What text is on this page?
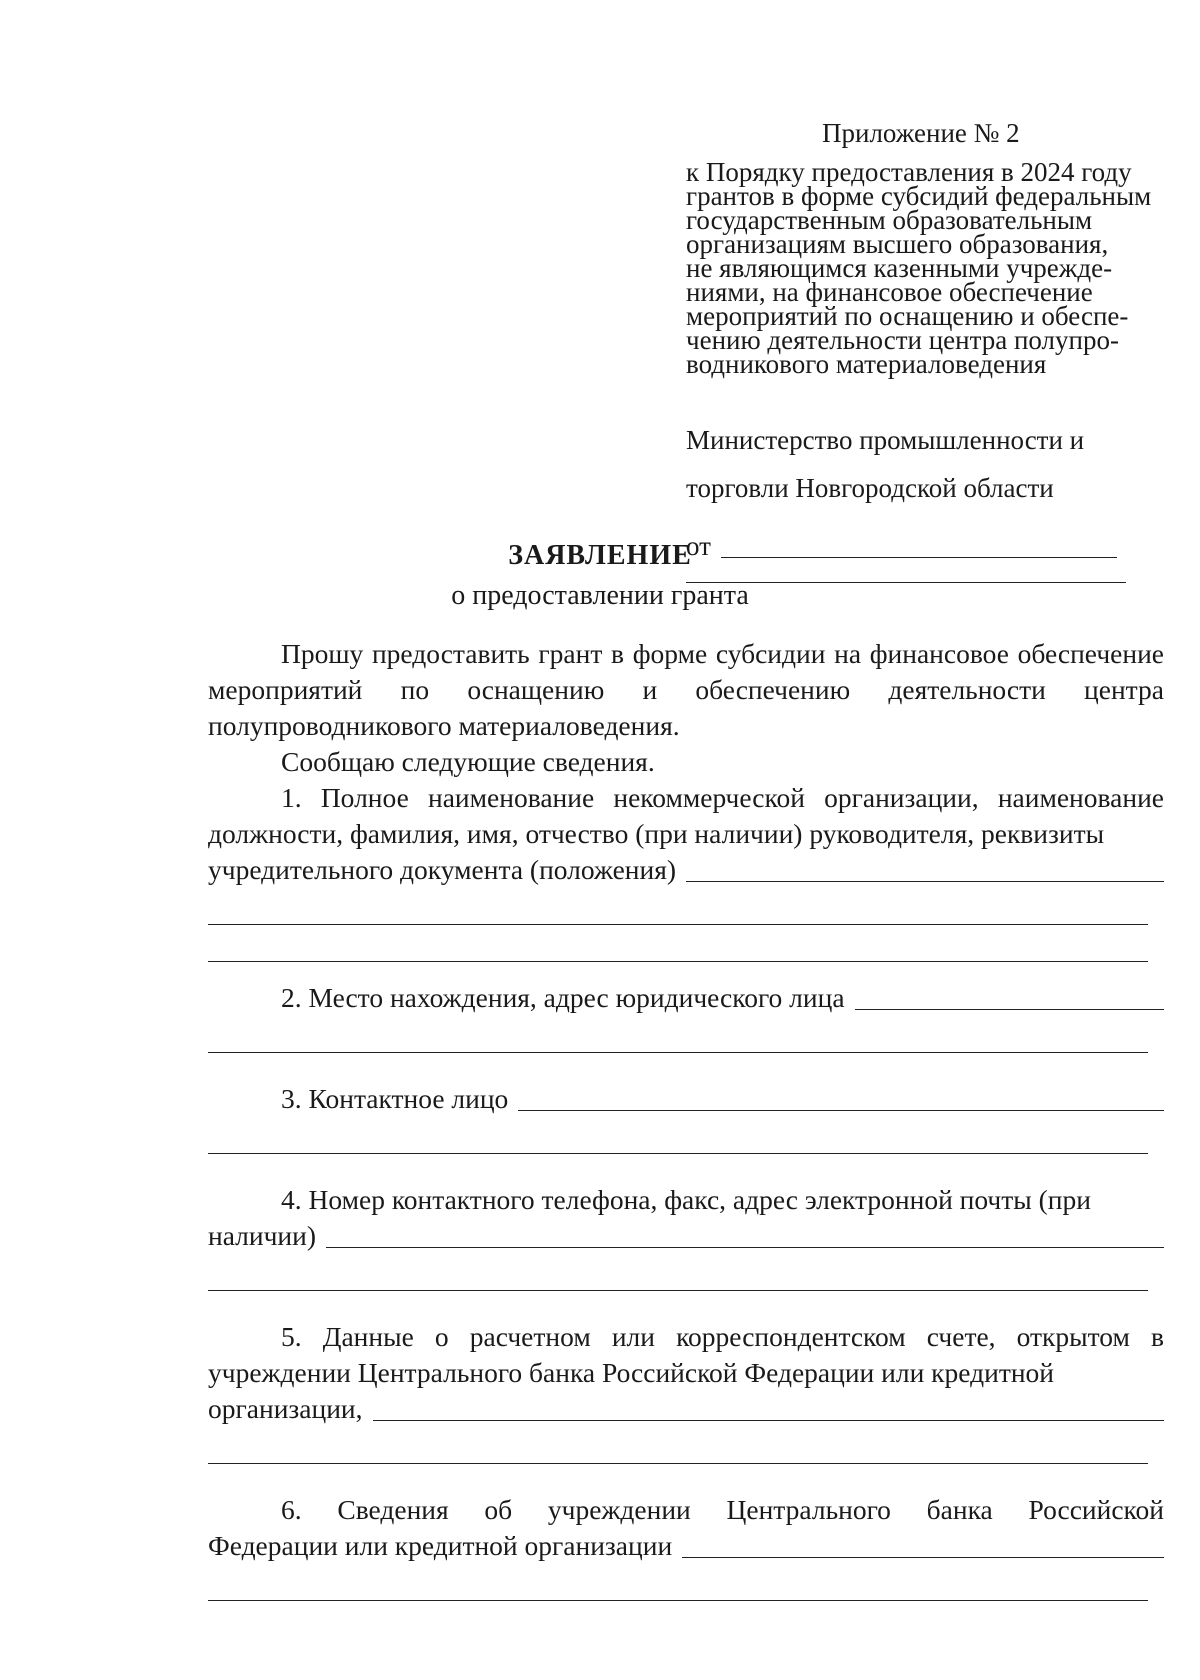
Приложение № 2
к Порядку предоставления в 2024 году
грантов в форме субсидий федеральным
государственным образовательным
организациям высшего образования,
не являющимся казенными учрежде-
ниями, на финансовое обеспечение
мероприятий по оснащению и обеспе-
чению деятельности центра полупро-
водникового материаловедения

Министерство промышленности и

торговли Новгородской области

от
ЗАЯВЛЕНИЕ
о предоставлении гранта

Прошу предоставить грант в форме субсидии на финансовое обеспечение мероприятий по оснащению и обеспечению деятельности центра полупроводникового материаловедения.

Сообщаю следующие сведения.

1. Полное наименование некоммерческой организации, наименование должности, фамилия, имя, отчество (при наличии) руководителя, реквизиты

учредительного документа (положения)
2. Место нахождения, адрес юридического лица
3. Контактное лицо

4. Номер контактного телефона, факс, адрес электронной почты (при

наличии)

5. Данные о расчетном или корреспондентском счете, открытом в учреждении Центрального банка Российской Федерации или кредитной

организации,

6. Сведения об учреждении Центрального банка Российской

Федерации или кредитной организации
